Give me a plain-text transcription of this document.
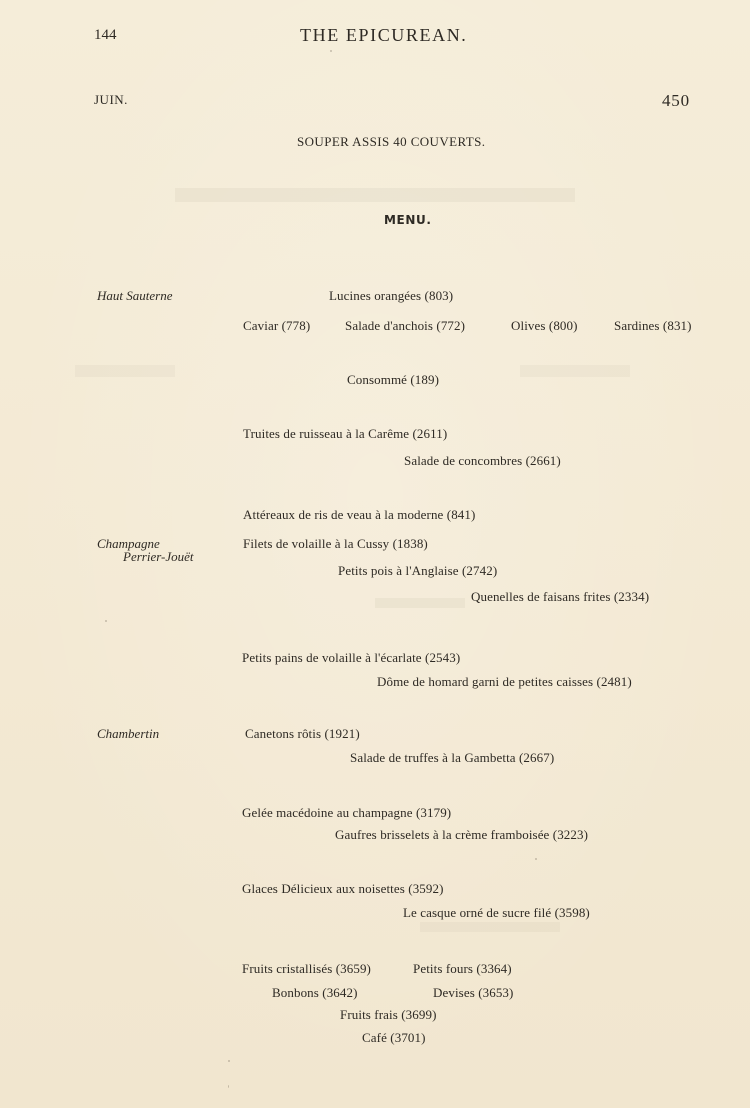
144	THE EPICUREAN.
JUIN.	450
SOUPER ASSIS 40 COUVERTS.
MENU.
Haut Sauterne
Champagne
Perrier-Jouët
Chambertin
Lucines orangées (803)
Caviar (778)	Salade d'anchois (772)	Olives (800)	Sardines (831)
Consommé (189)
Truites de ruisseau à la Carême (2611)
Salade de concombres (2661)
Attéreaux de ris de veau à la moderne (841)
Filets de volaille à la Cussy (1838)
Petits pois à l'Anglaise (2742)
Quenelles de faisans frites (2334)
Petits pains de volaille à l'écarlate (2543)
Dôme de homard garni de petites caisses (2481)
Canetons rôtis (1921)
Salade de truffes à la Gambetta (2667)
Gelée macédoine au champagne (3179)
Gaufres brisselets à la crème framboisée (3223)
Glaces Délicieux aux noisettes (3592)
Le casque orné de sucre filé (3598)
Fruits cristallisés (3659)	Petits fours (3364)
Bonbons (3642)	Devises (3653)
Fruits frais (3699)
Café (3701)
